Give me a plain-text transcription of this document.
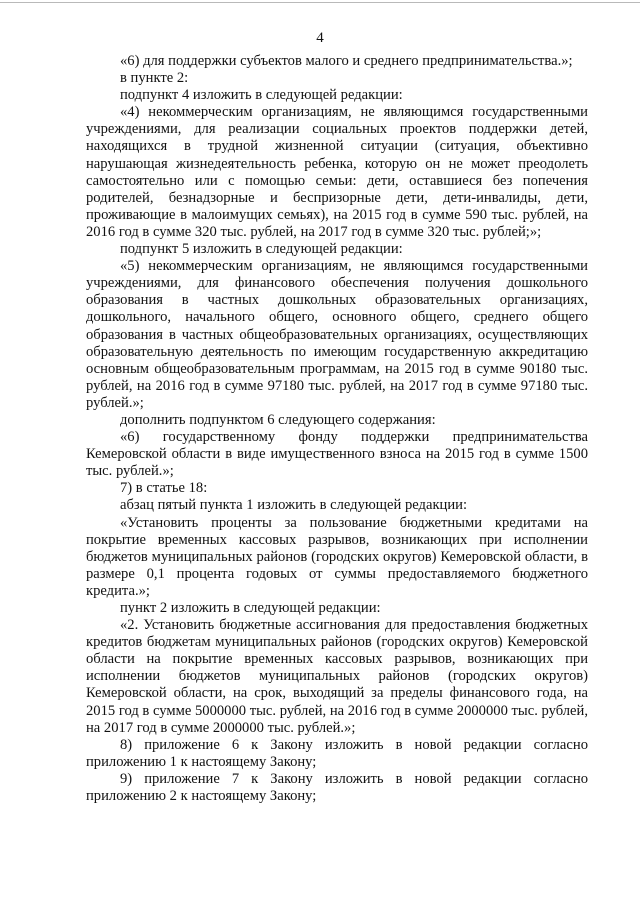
4

«6) для поддержки субъектов малого и среднего предпринимательства.»;

в пункте 2:

подпункт 4 изложить в следующей редакции:

«4) некоммерческим организациям, не являющимся государственными учреждениями, для реализации социальных проектов поддержки детей, находящихся в трудной жизненной ситуации (ситуация, объективно нарушающая жизнедеятельность ребенка, которую он не может преодолеть самостоятельно или с помощью семьи: дети, оставшиеся без попечения родителей, безнадзорные и беспризорные дети, дети-инвалиды, дети, проживающие в малоимущих семьях), на 2015 год в сумме 590 тыс. рублей, на 2016 год в сумме 320 тыс. рублей, на 2017 год в сумме 320 тыс. рублей;»;

подпункт 5 изложить в следующей редакции:

«5) некоммерческим организациям, не являющимся государственными учреждениями, для финансового обеспечения получения дошкольного образования в частных дошкольных образовательных организациях, дошкольного, начального общего, основного общего, среднего общего образования в частных общеобразовательных организациях, осуществляющих образовательную деятельность по имеющим государственную аккредитацию основным общеобразовательным программам, на 2015 год в сумме 90180 тыс. рублей, на 2016 год в сумме 97180 тыс. рублей, на 2017 год в сумме 97180 тыс. рублей.»;

дополнить подпунктом 6 следующего содержания:

«6) государственному фонду поддержки предпринимательства Кемеровской области в виде имущественного взноса на 2015 год в сумме 1500 тыс. рублей.»;

7) в статье 18:

абзац пятый пункта 1 изложить в следующей редакции:

«Установить проценты за пользование бюджетными кредитами на покрытие временных кассовых разрывов, возникающих при исполнении бюджетов муниципальных районов (городских округов) Кемеровской области, в размере 0,1 процента годовых от суммы предоставляемого бюджетного кредита.»;

пункт 2 изложить в следующей редакции:

«2. Установить бюджетные ассигнования для предоставления бюджетных кредитов бюджетам муниципальных районов (городских округов) Кемеровской области на покрытие временных кассовых разрывов, возникающих при исполнении бюджетов муниципальных районов (городских округов) Кемеровской области, на срок, выходящий за пределы финансового года, на 2015 год в сумме 5000000 тыс. рублей, на 2016 год в сумме 2000000 тыс. рублей, на 2017 год в сумме 2000000 тыс. рублей.»;

8) приложение 6 к Закону изложить в новой редакции согласно приложению 1 к настоящему Закону;

9) приложение 7 к Закону изложить в новой редакции согласно приложению 2 к настоящему Закону;
